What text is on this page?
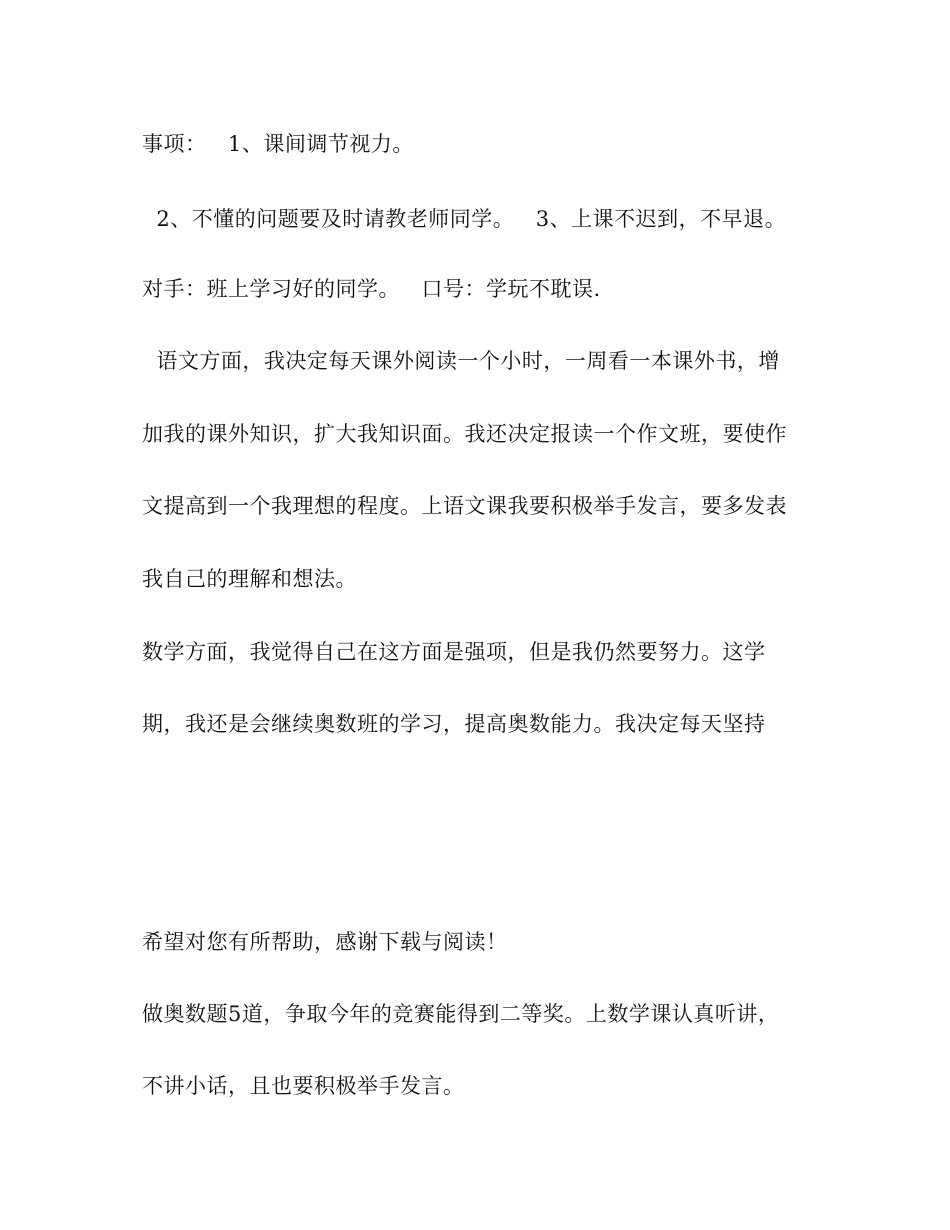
事项：   1、课间调节视力。
2、不懂的问题要及时请教老师同学。   3、上课不迟到，不早退。
对手：班上学习好的同学。   口号：学玩不耽误.
语文方面，我决定每天课外阅读一个小时，一周看一本课外书，增
加我的课外知识，扩大我知识面。我还决定报读一个作文班，要使作
文提高到一个我理想的程度。上语文课我要积极举手发言，要多发表
我自己的理解和想法。
数学方面，我觉得自己在这方面是强项，但是我仍然要努力。这学
期，我还是会继续奥数班的学习，提高奥数能力。我决定每天坚持
希望对您有所帮助，感谢下载与阅读！
做奥数题5道，争取今年的竞赛能得到二等奖。上数学课认真听讲，
不讲小话，且也要积极举手发言。
